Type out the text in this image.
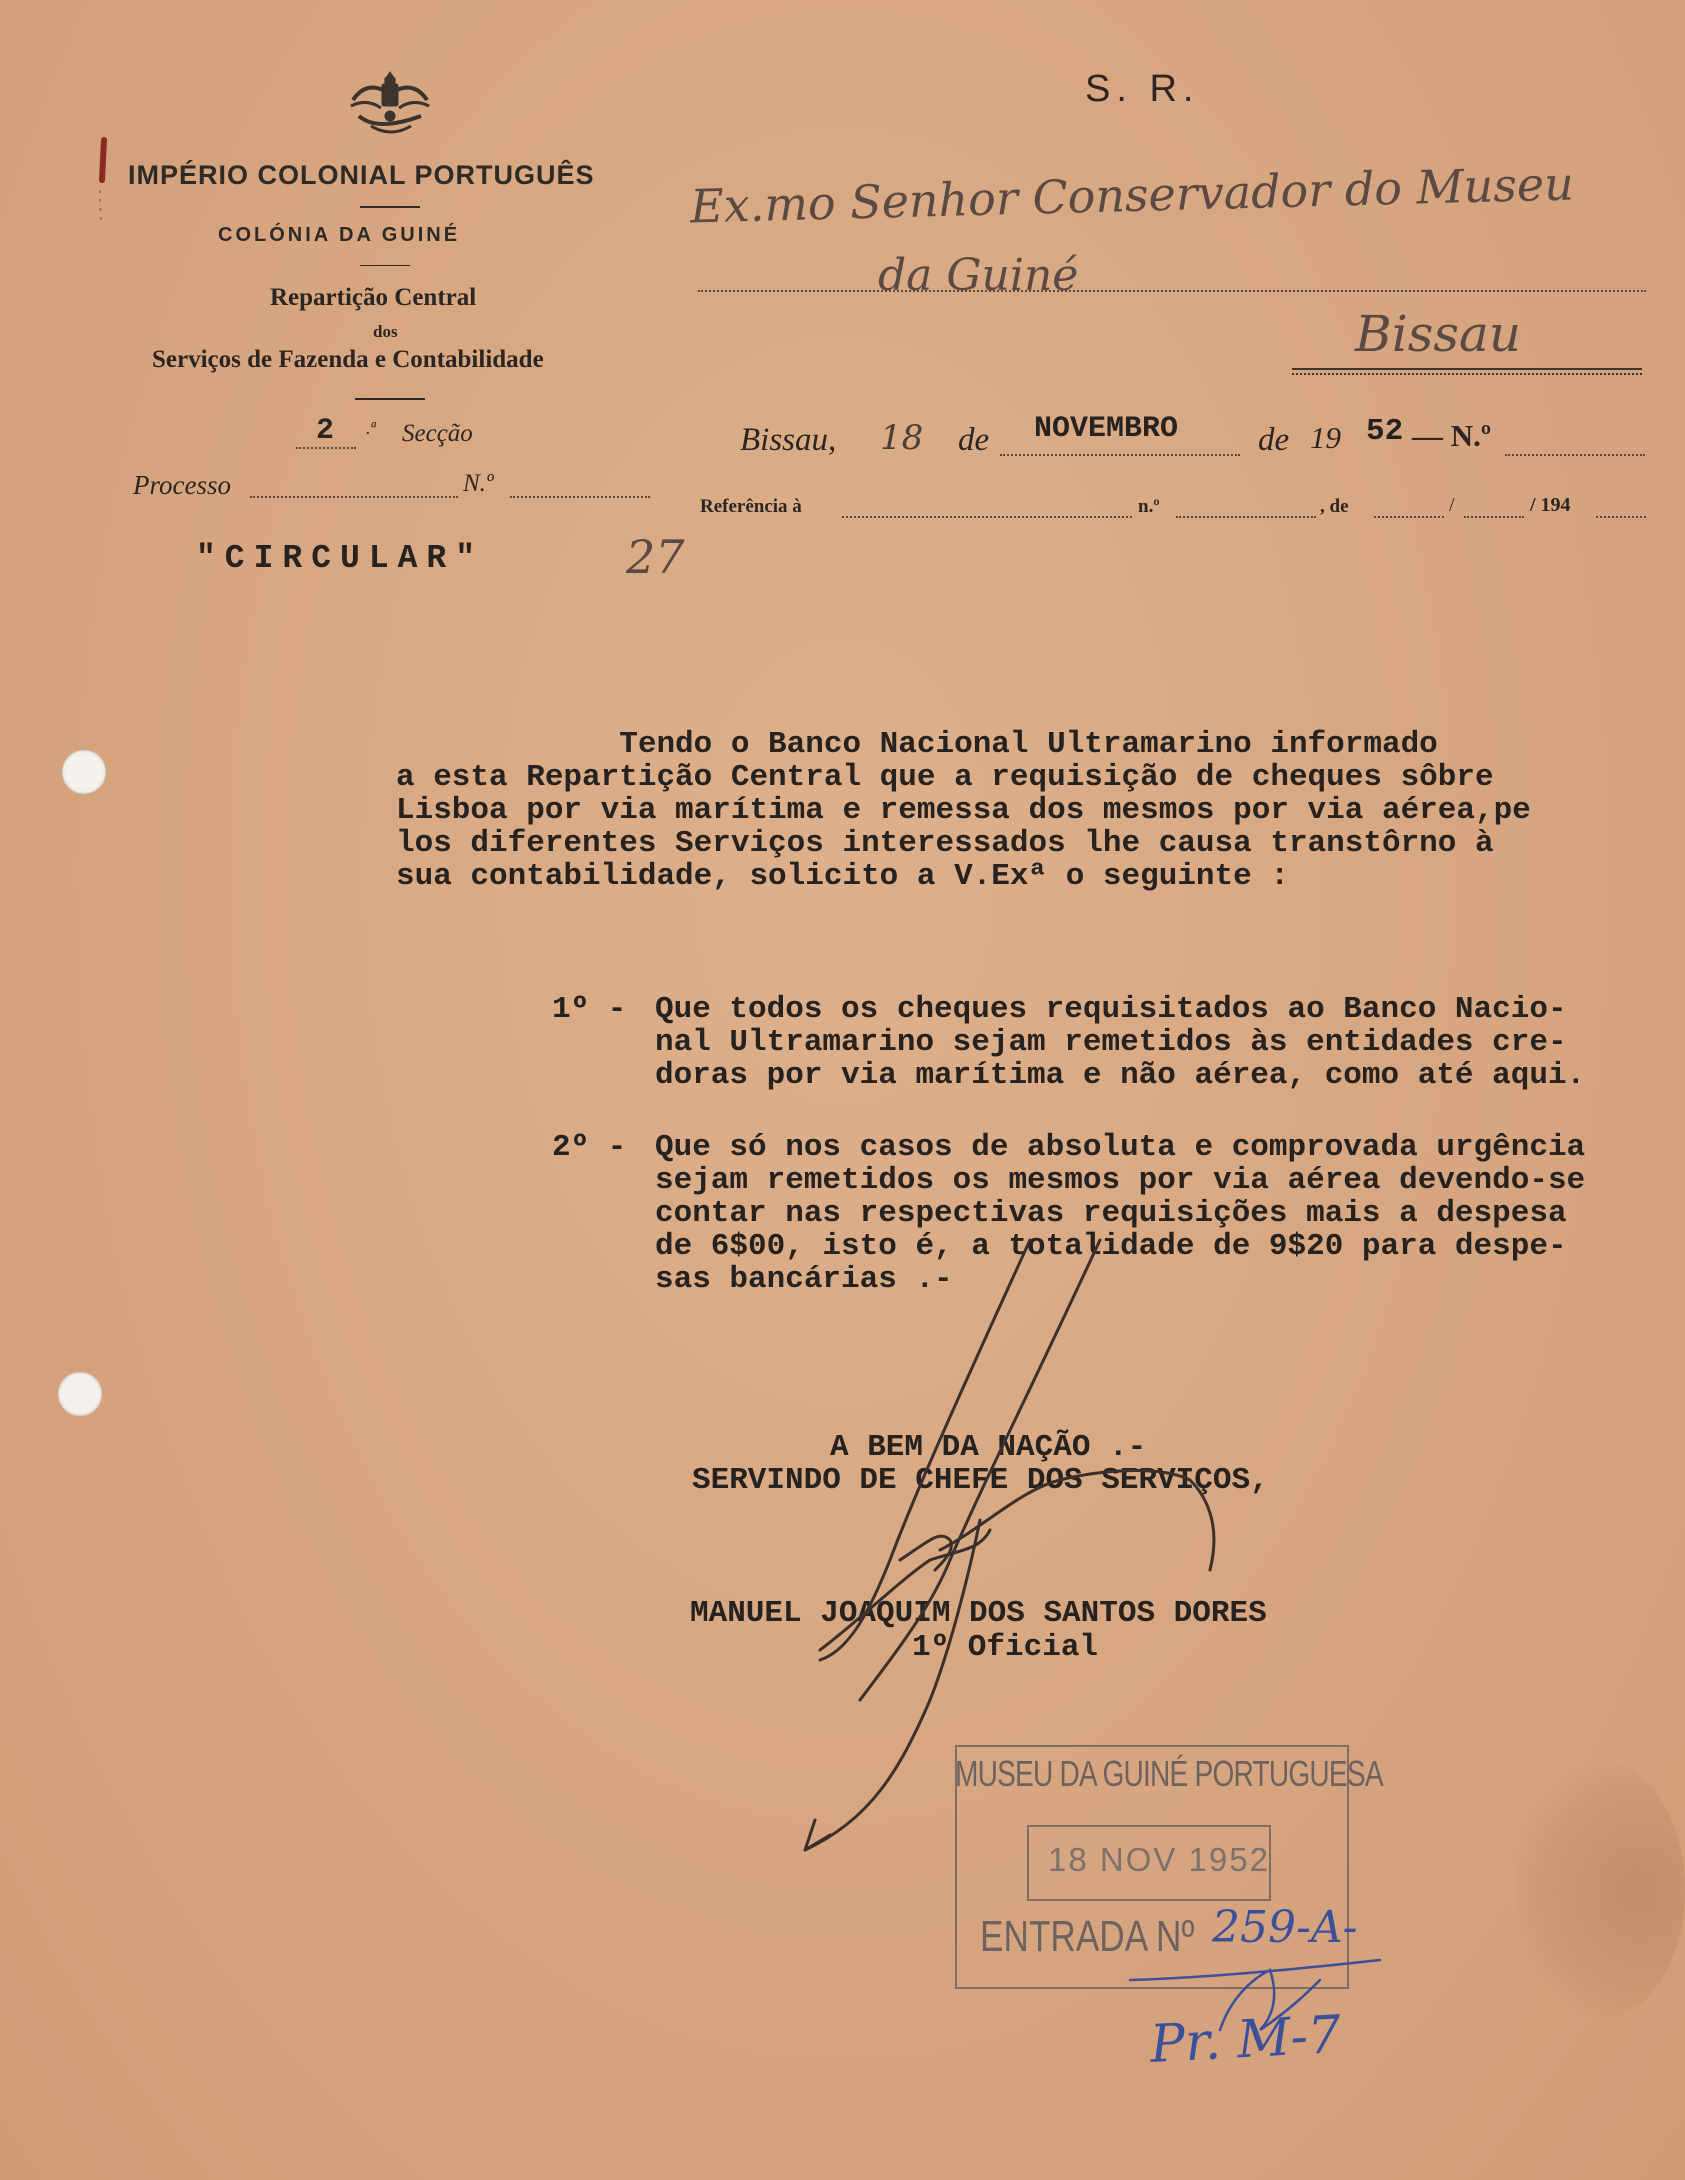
IMPÉRIO COLONIAL PORTUGUÊS
COLÓNIA DA GUINÉ
Repartição Central
dos
Serviços de Fazenda e Contabilidade
2 .ª Secção
Processo	N.º
S. R.
Ex.mo Senhor Conservador do Museu
da Guiné
Bissau
Bissau, 18 de NOVEMBRO de 19 52 — N.º
Referência à	n.º	, de	/	/ 194
"CIRCULAR"	27
Tendo o Banco Nacional Ultramarino informado
a esta Repartição Central que a requisição de cheques sôbre
Lisboa por via marítima e remessa dos mesmos por via aérea,pe
los diferentes Serviços interessados lhe causa transtôrno à
sua contabilidade, solicito a V.Exª o seguinte :
1º - Que todos os cheques requisitados ao Banco Nacio-
nal Ultramarino sejam remetidos às entidades cre-
doras por via marítima e não aérea, como até aqui.
2º - Que só nos casos de absoluta e comprovada urgência
sejam remetidos os mesmos por via aérea devendo-se
contar nas respectivas requisições mais a despesa
de 6$00, isto é, a totalidade de 9$20 para despe-
sas bancárias .-
A BEM DA NAÇÃO .-
SERVINDO DE CHEFE DOS SERVIÇOS,
MANUEL JOAQUIM DOS SANTOS DORES
1º Oficial
MUSEU DA GUINÉ PORTUGUESA
18 NOV 1952
ENTRADA Nº 259-A-
Pr. M-7
